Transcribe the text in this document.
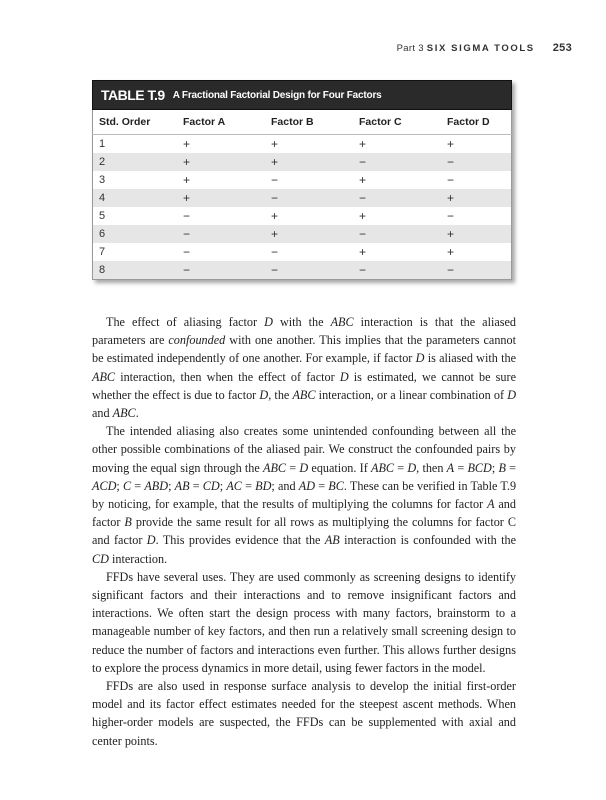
Part 3 SIX SIGMA TOOLS 253
TABLE T.9 A Fractional Factorial Design for Four Factors
Std. Order	Factor A	Factor B	Factor C	Factor D
1	+	+	+	+
2	+	+	−	−
3	+	−	+	−
4	+	−	−	+
5	−	+	+	−
6	−	+	−	+
7	−	−	+	+
8	−	−	−	−

The effect of aliasing factor D with the ABC interaction is that the aliased parameters are confounded with one another. This implies that the parameters cannot be estimated independently of one another. For example, if factor D is aliased with the ABC interaction, then when the effect of factor D is estimated, we cannot be sure whether the effect is due to factor D, the ABC interaction, or a linear combination of D and ABC.

The intended aliasing also creates some unintended confounding between all the other possible combinations of the aliased pair. We construct the confounded pairs by moving the equal sign through the ABC = D equation. If ABC = D, then A = BCD; B = ACD; C = ABD; AB = CD; AC = BD; and AD = BC. These can be verified in Table T.9 by noticing, for example, that the results of multiplying the columns for factor A and factor B provide the same result for all rows as multiplying the columns for factor C and factor D. This provides evidence that the AB interaction is confounded with the CD interaction.

FFDs have several uses. They are used commonly as screening designs to identify significant factors and their interactions and to remove insignificant factors and interactions. We often start the design process with many factors, brainstorm to a manageable number of key factors, and then run a relatively small screening design to reduce the number of factors and interactions even further. This allows further designs to explore the process dynamics in more detail, using fewer factors in the model.

FFDs are also used in response surface analysis to develop the initial first-order model and its factor effect estimates needed for the steepest ascent methods. When higher-order models are suspected, the FFDs can be supplemented with axial and center points.
